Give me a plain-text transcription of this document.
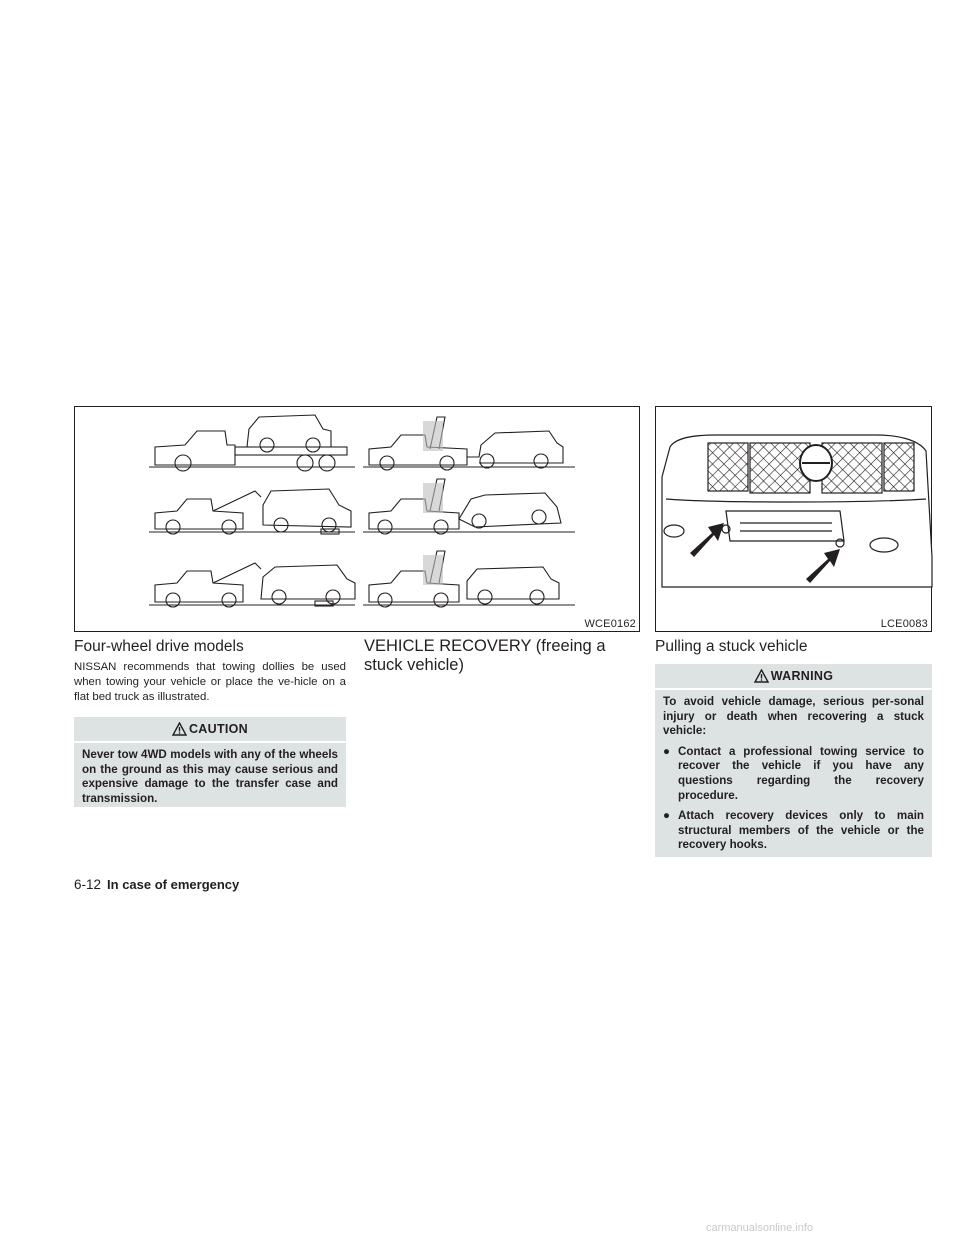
WCE0162	LCE0083
Four-wheel drive models

NISSAN recommends that towing dollies be used when towing your vehicle or place the ve-hicle on a flat bed truck as illustrated.

CAUTION

Never tow 4WD models with any of the wheels on the ground as this may cause serious and expensive damage to the transfer case and transmission.

VEHICLE RECOVERY (freeing a stuck vehicle)
Pulling a stuck vehicle
WARNING

To avoid vehicle damage, serious per-sonal injury or death when recovering a stuck vehicle:

● Contact a professional towing service to recover the vehicle if you have any questions regarding the recovery procedure.
● Attach recovery devices only to main structural members of the vehicle or the recovery hooks.
6-12 In case of emergency
carmanualsonline.info
